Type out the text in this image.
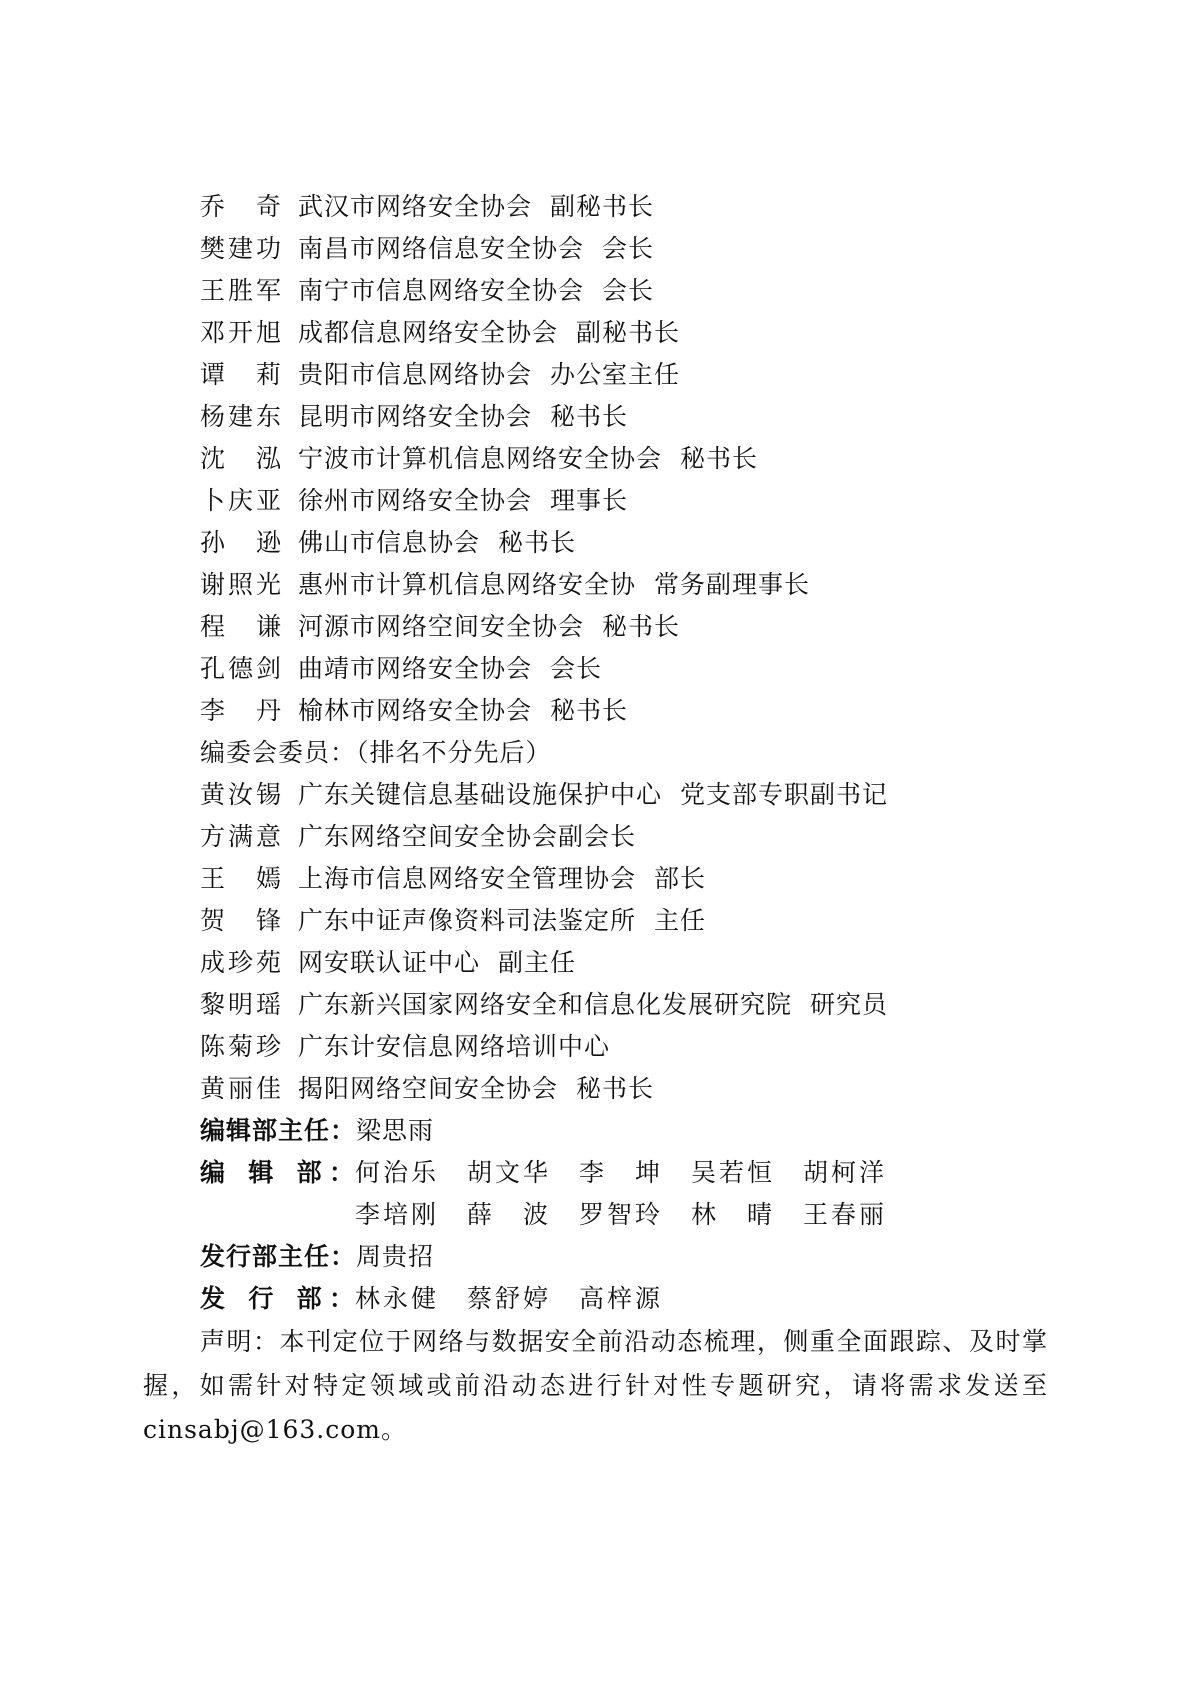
乔 奇 武汉市网络安全协会 副秘书长
樊建功 南昌市网络信息安全协会 会长
王胜军 南宁市信息网络安全协会 会长
邓开旭 成都信息网络安全协会 副秘书长
谭 莉 贵阳市信息网络协会 办公室主任
杨建东 昆明市网络安全协会 秘书长
沈 泓 宁波市计算机信息网络安全协会 秘书长
卜庆亚 徐州市网络安全协会 理事长
孙 逊 佛山市信息协会 秘书长
谢照光 惠州市计算机信息网络安全协 常务副理事长
程 谦 河源市网络空间安全协会 秘书长
孔德剑 曲靖市网络安全协会 会长
李 丹 榆林市网络安全协会 秘书长
编委会委员：（排名不分先后）
黄汝锡 广东关键信息基础设施保护中心 党支部专职副书记
方满意 广东网络空间安全协会副会长
王 嫣 上海市信息网络安全管理协会 部长
贺 锋 广东中证声像资料司法鉴定所 主任
成珍苑 网安联认证中心 副主任
黎明瑶 广东新兴国家网络安全和信息化发展研究院 研究员
陈菊珍 广东计安信息网络培训中心
黄丽佳 揭阳网络空间安全协会 秘书长
编辑部主任：梁思雨
编 辑 部：何治乐 胡文华 李 坤 吴若恒 胡柯洋
李培刚 薛 波 罗智玲 林 晴 王春丽
发行部主任：周贵招
发 行 部：林永健 蔡舒婷 高梓源
声明：本刊定位于网络与数据安全前沿动态梳理，侧重全面跟踪、及时掌握，如需针对特定领域或前沿动态进行针对性专题研究，请将需求发送至cinsabj@163.com。
